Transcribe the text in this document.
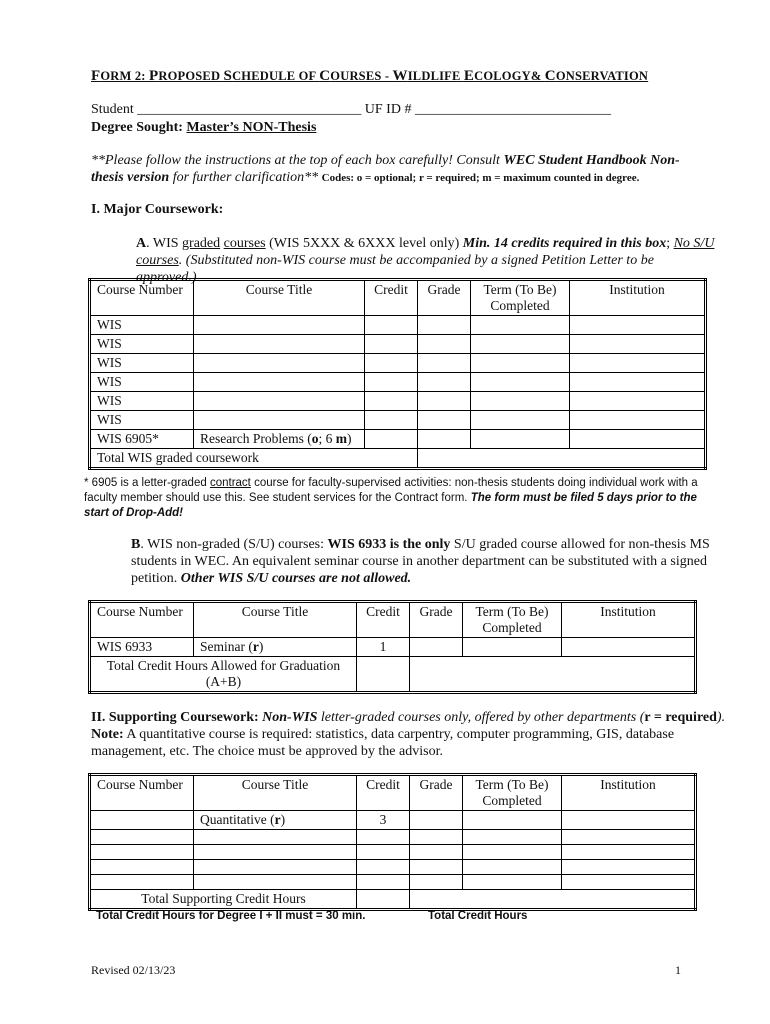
FORM 2: PROPOSED SCHEDULE OF COURSES - WILDLIFE ECOLOGY& CONSERVATION
Student ________________________________ UF ID # ____________________________
Degree Sought: Master’s NON-Thesis
**Please follow the instructions at the top of each box carefully! Consult WEC Student Handbook Non-thesis version for further clarification** Codes: o = optional; r = required; m = maximum counted in degree.
I. Major Coursework:
A. WIS graded courses (WIS 5XXX & 6XXX level only) Min. 14 credits required in this box; No S/U courses. (Substituted non-WIS course must be accompanied by a signed Petition Letter to be approved.)
Course Number	Course Title	Credit	Grade	Term (To Be) Completed	Institution
WIS					
WIS					
WIS					
WIS					
WIS					
WIS					
WIS 6905*	Research Problems (o; 6 m)				
Total WIS graded coursework					
* 6905 is a letter-graded contract course for faculty-supervised activities: non-thesis students doing individual work with a faculty member should use this. See student services for the Contract form. The form must be filed 5 days prior to the start of Drop-Add!
B. WIS non-graded (S/U) courses: WIS 6933 is the only S/U graded course allowed for non-thesis MS students in WEC. An equivalent seminar course in another department can be substituted with a signed petition. Other WIS S/U courses are not allowed.
Course Number	Course Title	Credit	Grade	Term (To Be) Completed	Institution
WIS 6933	Seminar (r)	1			
Total Credit Hours Allowed for Graduation (A+B)					
II. Supporting Coursework: Non-WIS letter-graded courses only, offered by other departments (r = required).
Note: A quantitative course is required: statistics, data carpentry, computer programming, GIS, database management, etc. The choice must be approved by the advisor.
Course Number	Course Title	Credit	Grade	Term (To Be) Completed	Institution
	Quantitative (r)	3			

Total Supporting Credit Hours					
Total Credit Hours for Degree I + II must = 30 min.	Total Credit Hours
Revised 02/13/23	1
